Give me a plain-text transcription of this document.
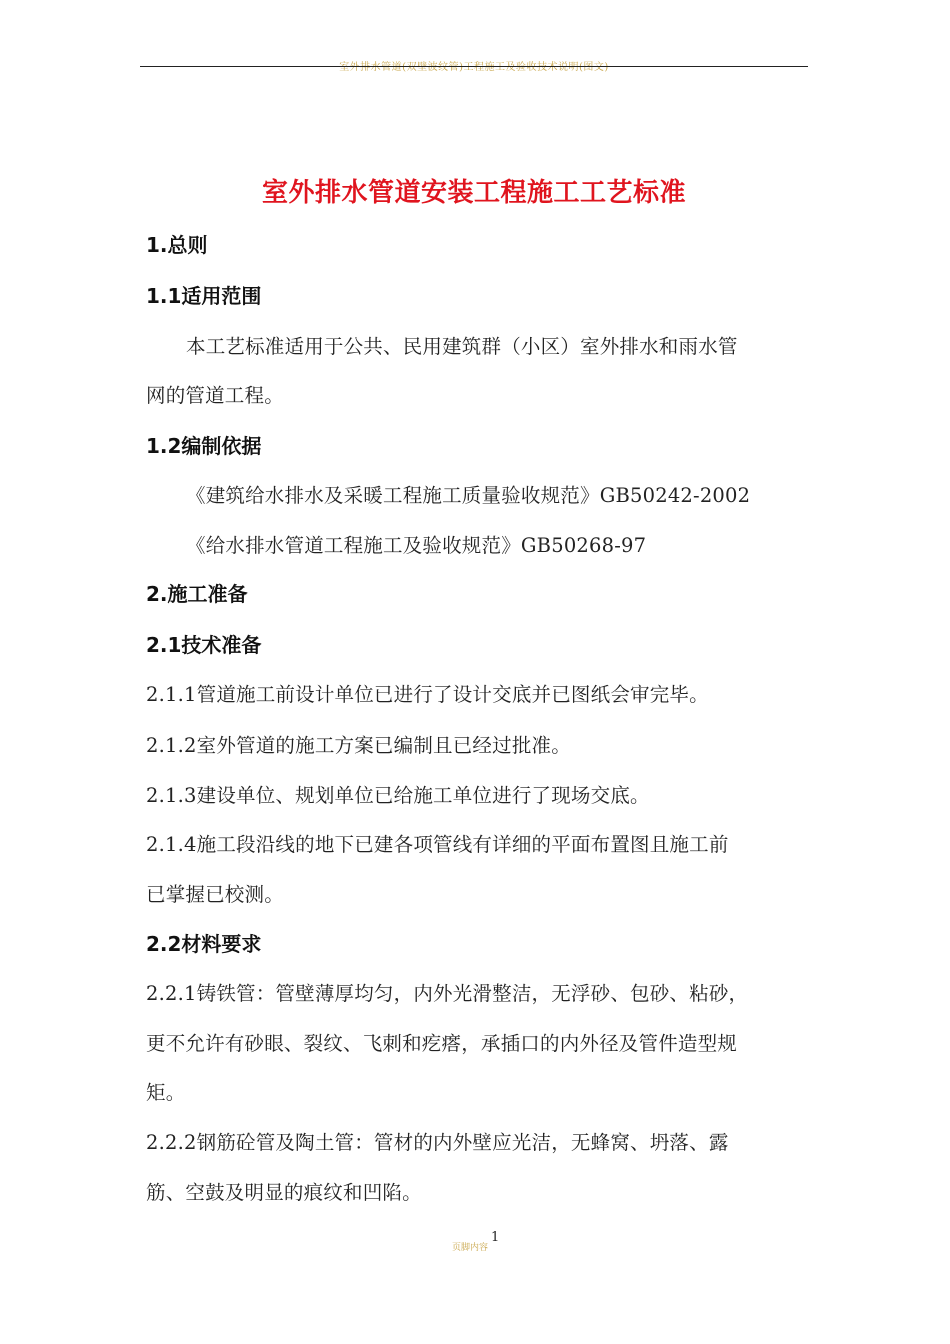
室外排水管道(双壁波纹管)工程施工及验收技术说明(图文)
室外排水管道安装工程施工工艺标准
1.总则
1.1适用范围
本工艺标准适用于公共、民用建筑群（小区）室外排水和雨水管
网的管道工程。
1.2编制依据
《建筑给水排水及采暖工程施工质量验收规范》GB50242-2002
《给水排水管道工程施工及验收规范》GB50268-97
2.施工准备
2.1技术准备
2.1.1管道施工前设计单位已进行了设计交底并已图纸会审完毕。
2.1.2室外管道的施工方案已编制且已经过批准。
2.1.3建设单位、规划单位已给施工单位进行了现场交底。
2.1.4施工段沿线的地下已建各项管线有详细的平面布置图且施工前
已掌握已校测。
2.2材料要求
2.2.1铸铁管：管壁薄厚均匀，内外光滑整洁，无浮砂、包砂、粘砂，
更不允许有砂眼、裂纹、飞刺和疙瘩，承插口的内外径及管件造型规
矩。
2.2.2钢筋砼管及陶土管：管材的内外壁应光洁，无蜂窝、坍落、露
筋、空鼓及明显的痕纹和凹陷。
页脚内容
1
